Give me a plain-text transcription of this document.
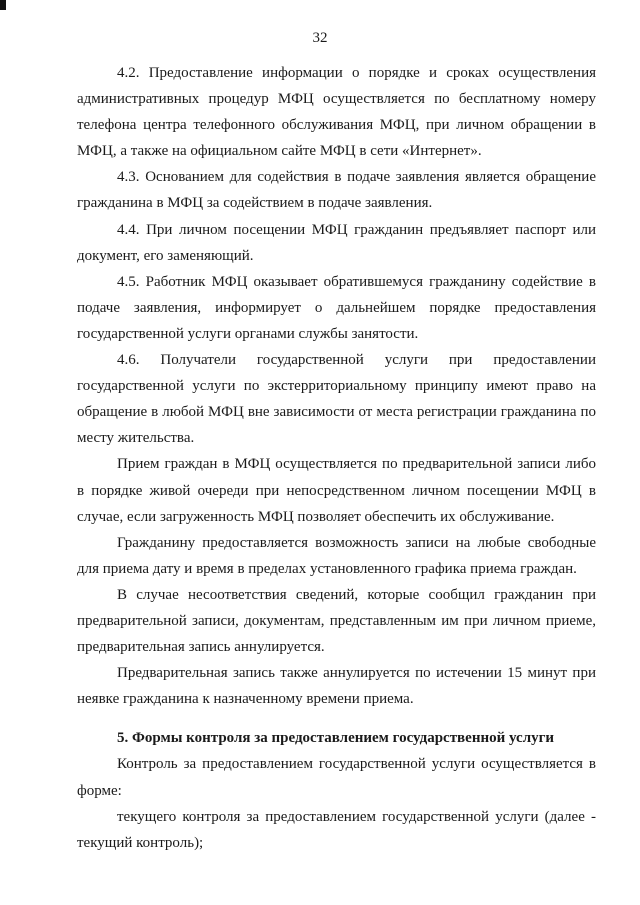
32

4.2. Предоставление информации о порядке и сроках осуществления административных процедур МФЦ осуществляется по бесплатному номеру телефона центра телефонного обслуживания МФЦ, при личном обращении в МФЦ, а также на официальном сайте МФЦ в сети «Интернет».

4.3. Основанием для содействия в подаче заявления является обращение гражданина в МФЦ за содействием в подаче заявления.

4.4. При личном посещении МФЦ гражданин предъявляет паспорт или документ, его заменяющий.

4.5. Работник МФЦ оказывает обратившемуся гражданину содействие в подаче заявления, информирует о дальнейшем порядке предоставления государственной услуги органами службы занятости.

4.6. Получатели государственной услуги при предоставлении государственной услуги по экстерриториальному принципу имеют право на обращение в любой МФЦ вне зависимости от места регистрации гражданина по месту жительства.

Прием граждан в МФЦ осуществляется по предварительной записи либо в порядке живой очереди при непосредственном личном посещении МФЦ в случае, если загруженность МФЦ позволяет обеспечить их обслуживание.

Гражданину предоставляется возможность записи на любые свободные для приема дату и время в пределах установленного графика приема граждан.

В случае несоответствия сведений, которые сообщил гражданин при предварительной записи, документам, представленным им при личном приеме, предварительная запись аннулируется.

Предварительная запись также аннулируется по истечении 15 минут при неявке гражданина к назначенному времени приема.

5. Формы контроля за предоставлением государственной услуги

Контроль за предоставлением государственной услуги осуществляется в форме:

текущего контроля за предоставлением государственной услуги (далее - текущий контроль);
